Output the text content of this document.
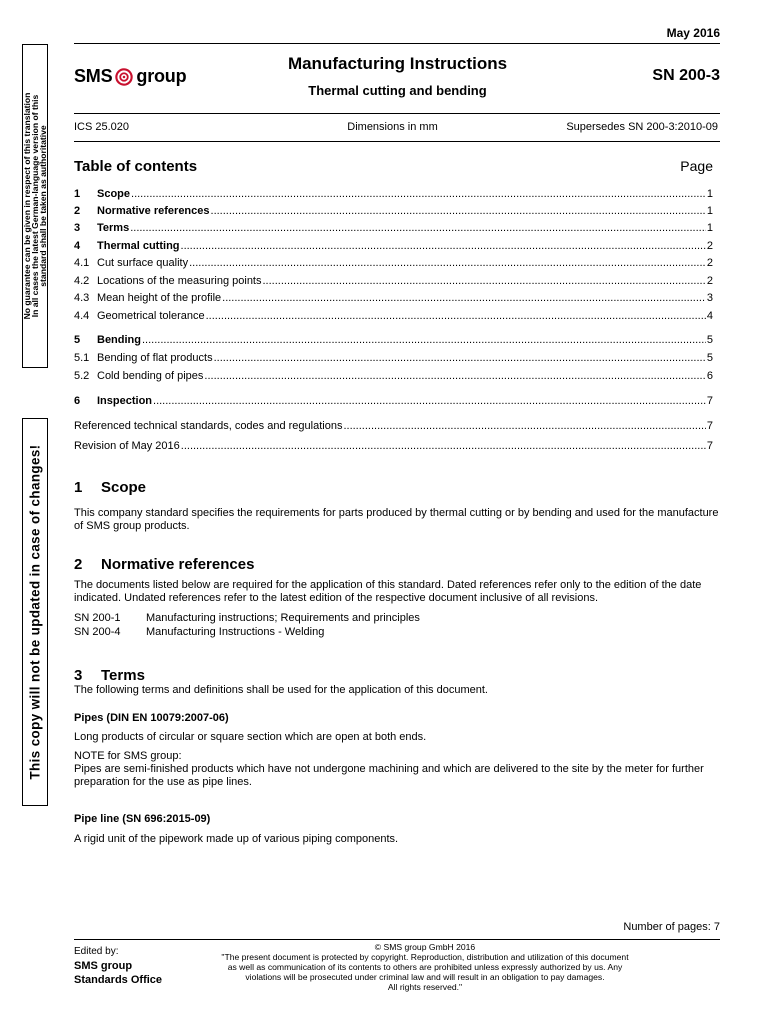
May 2016
SMS group
Manufacturing Instructions
Thermal cutting and bending
SN 200-3
ICS 25.020	Dimensions in mm	Supersedes SN 200-3:2010-09
No guarantee can be given in respect of this translation
In all cases the latest German-language version of this
standard shall be taken as authoritative
This copy will not be updated in case of changes!
Table of contents	Page
1	Scope .....	1
2	Normative references .....	1
3	Terms .....	1
4	Thermal cutting .....	2
4.1 Cut surface quality .....	2
4.2 Locations of the measuring points .....	2
4.3 Mean height of the profile .....	3
4.4 Geometrical tolerance .....	4
5	Bending .....	5
5.1 Bending of flat products .....	5
5.2 Cold bending of pipes .....	6
6	Inspection .....	7
Referenced technical standards, codes and regulations .....	7
Revision of May 2016 .....	7
1	Scope
This company standard specifies the requirements for parts produced by thermal cutting or by bending and used for the manufacture of SMS group products.
2	Normative references
The documents listed below are required for the application of this standard. Dated references refer only to the edition of the date indicated. Undated references refer to the latest edition of the respective document inclusive of all revisions.
SN 200-1	Manufacturing instructions; Requirements and principles
SN 200-4	Manufacturing Instructions - Welding
3	Terms
The following terms and definitions shall be used for the application of this document.
Pipes (DIN EN 10079:2007-06)
Long products of circular or square section which are open at both ends.
NOTE for SMS group:
Pipes are semi-finished products which have not undergone machining and which are delivered to the site by the meter for further preparation for the use as pipe lines.
Pipe line (SN 696:2015-09)
A rigid unit of the pipework made up of various piping components.
Number of pages: 7
Edited by:
SMS group
Standards Office
© SMS group GmbH 2016
"The present document is protected by copyright. Reproduction, distribution and utilization of this document
as well as communication of its contents to others are prohibited unless expressly authorized by us. Any
violations will be prosecuted under criminal law and will result in an obligation to pay damages.
All rights reserved."
